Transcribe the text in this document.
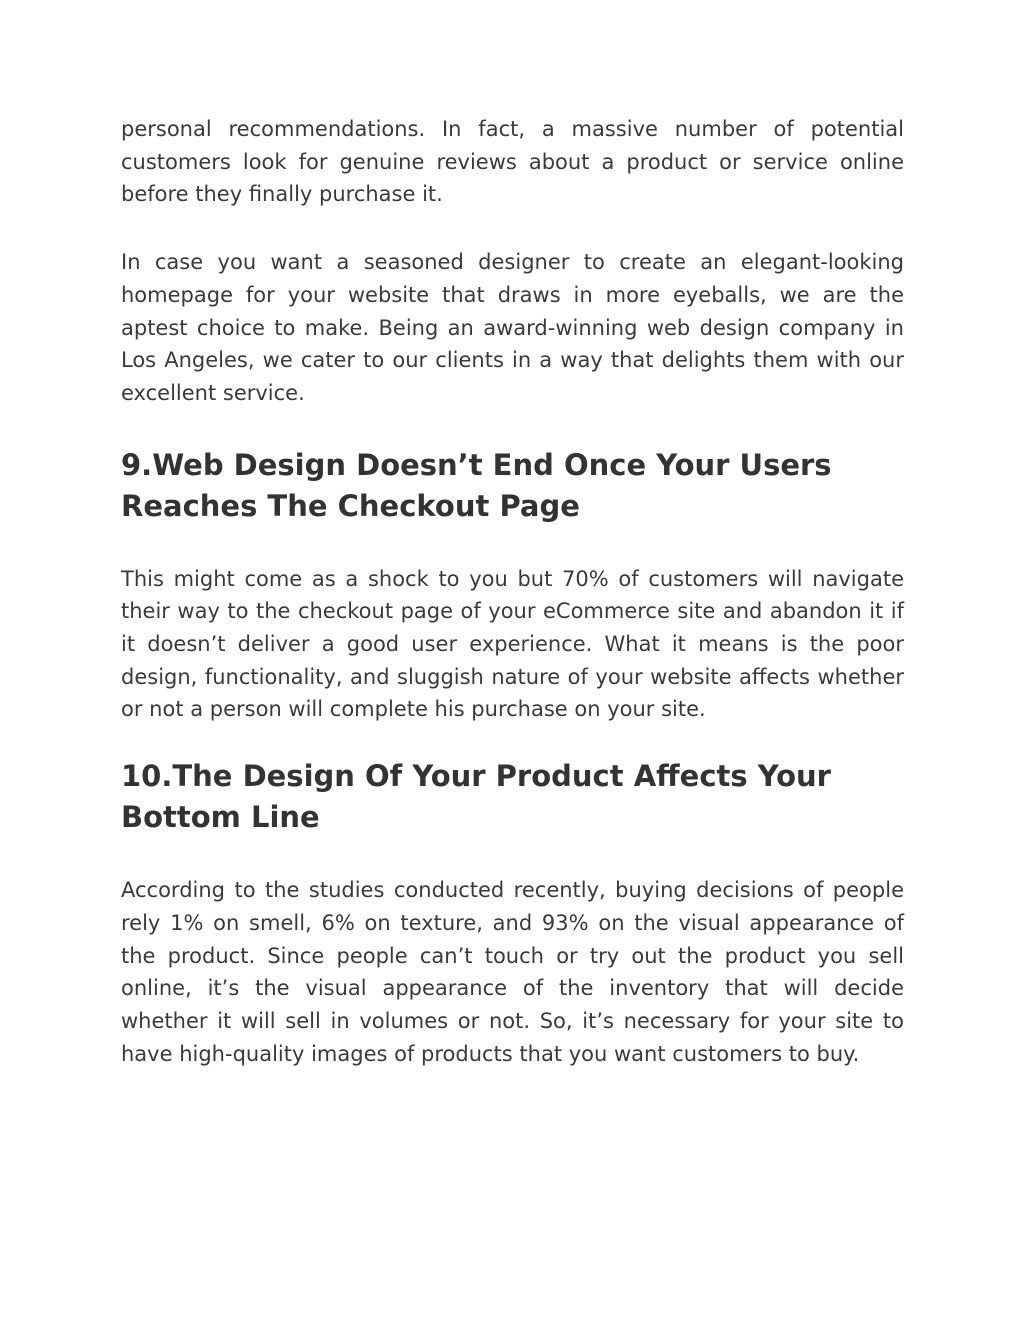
personal recommendations. In fact, a massive number of potential customers look for genuine reviews about a product or service online before they finally purchase it.

In case you want a seasoned designer to create an elegant-looking homepage for your website that draws in more eyeballs, we are the aptest choice to make. Being an award-winning web design company in Los Angeles, we cater to our clients in a way that delights them with our excellent service.

9.Web Design Doesn’t End Once Your Users Reaches The Checkout Page

This might come as a shock to you but 70% of customers will navigate their way to the checkout page of your eCommerce site and abandon it if it doesn’t deliver a good user experience. What it means is the poor design, functionality, and sluggish nature of your website affects whether or not a person will complete his purchase on your site.

10.The Design Of Your Product Affects Your Bottom Line

According to the studies conducted recently, buying decisions of people rely 1% on smell, 6% on texture, and 93% on the visual appearance of the product. Since people can’t touch or try out the product you sell online, it’s the visual appearance of the inventory that will decide whether it will sell in volumes or not. So, it’s necessary for your site to have high-quality images of products that you want customers to buy.
